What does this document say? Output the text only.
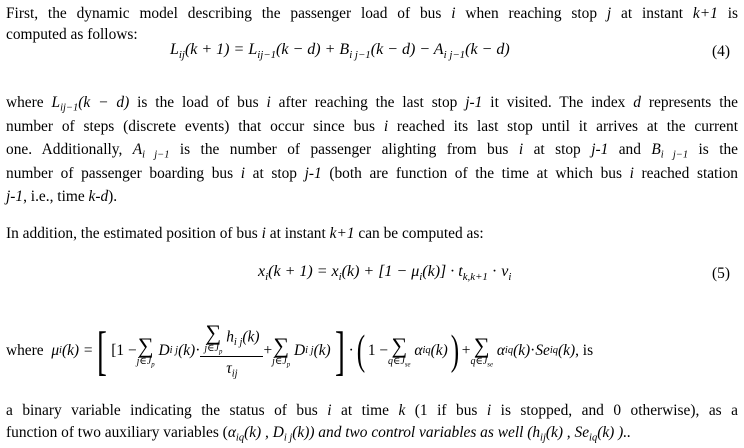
First, the dynamic model describing the passenger load of bus i when reaching stop j at instant k+1 is
computed as follows:
$L_{ij}(k + 1) = L_{ij-1}(k - d) + B_{i j-1}(k - d) - A_{i j-1}(k - d)$	(4)
where $L_{ij-1}(k - d)$ is the load of bus i after reaching the last stop j-1 it visited. The index d represents the
number of steps (discrete events) that occur since bus i reached its last stop until it arrives at the current
one. Additionally, $A_{i j-1}$ is the number of passenger alighting from bus i at stop j-1 and $B_{i j-1}$ is the
number of passenger boarding bus i at stop j-1 (both are function of the time at which bus i reached station
j-1, i.e., time k-d).
In addition, the estimated position of bus i at instant k+1 can be computed as:
$x_i(k + 1) = x_i(k) + [1 - \mu_i(k)] \cdot t_{k,k+1} \cdot v_i$	(5)
where
μ i (k) = [ [1 − ∑
$j\in J_p$

D i j (k) · ∑
$j\in J_p$
$h_{i j}(k)$
$\tau_{ij}$ + ∑
$j\in J_p$

D i j (k) ] · ( 1 − ∑
$q\in J_{se}$

α iq (k) ) + ∑
$q\in J_{se}$

α iq (k) · Se iq (k) , is
a binary variable indicating the status of bus i at time k (1 if bus i is stopped, and 0 otherwise), as a
function of two auxiliary variables ($\alpha_{iq}(k)$ , $D_{i j}(k)$) and two control variables as well ($h_{ij}(k)$ , $Se_{iq}(k)$ )..
